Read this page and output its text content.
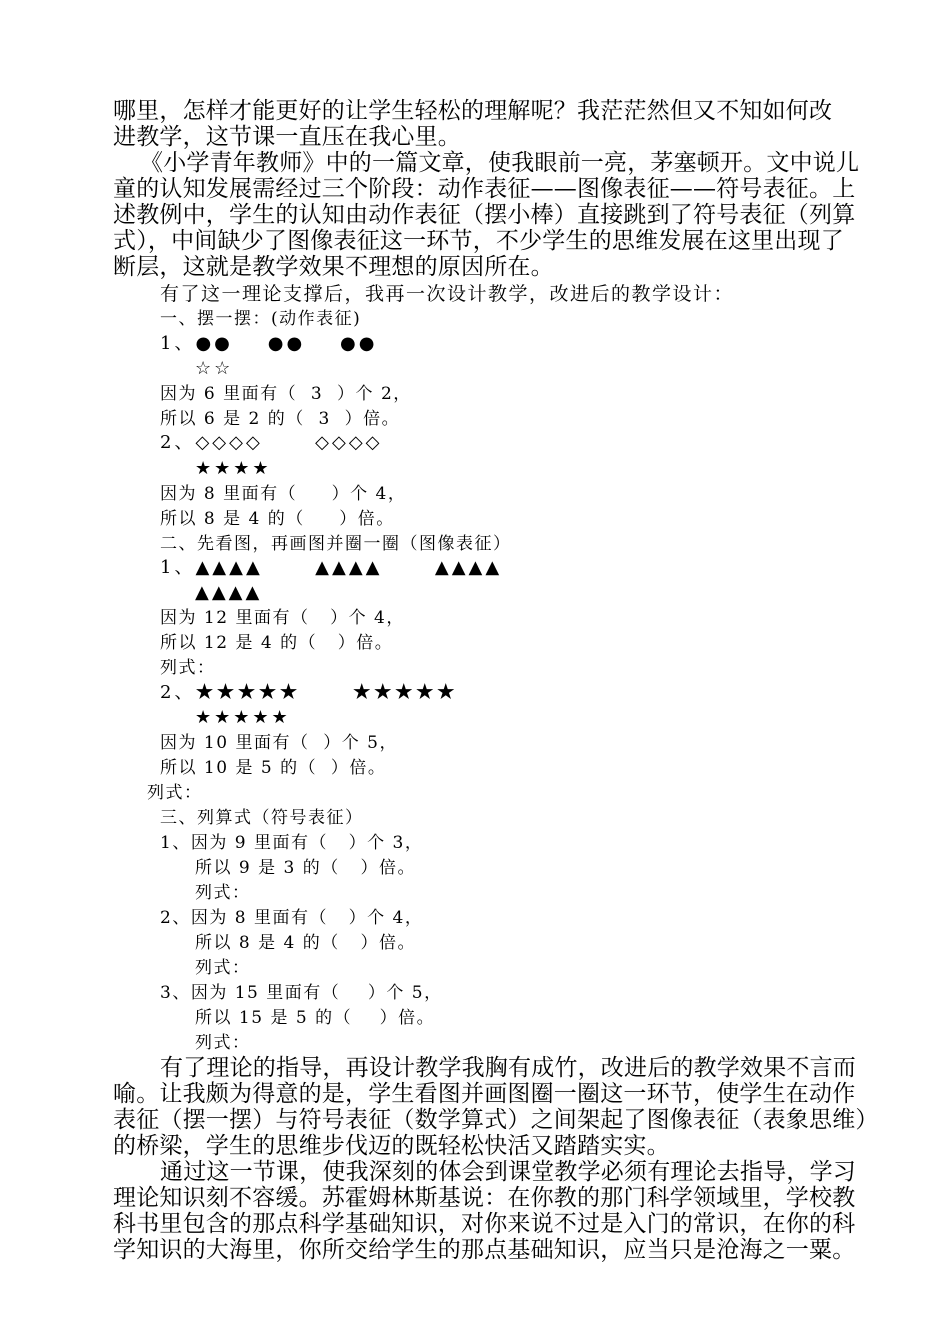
哪里，怎样才能更好的让学生轻松的理解呢？我茫茫然但又不知如何改
进教学，这节课一直压在我心里。
《小学青年教师》中的一篇文章，使我眼前一亮，茅塞顿开。文中说儿
童的认知发展需经过三个阶段：动作表征——图像表征——符号表征。上
述教例中，学生的认知由动作表征（摆小棒）直接跳到了符号表征（列算
式），中间缺少了图像表征这一环节，不少学生的思维发展在这里出现了
断层，这就是教学效果不理想的原因所在。
有了这一理论支撑后，我再一次设计教学，改进后的教学设计：
一、摆一摆：(动作表征)
1、●●    ●●    ●●
☆☆
因为 6 里面有（  3  ）个 2，
所以 6 是 2 的（  3  ）倍。
2、◇◇◇◇      ◇◇◇◇
★★★★
因为 8 里面有（     ）个 4，
所以 8 是 4 的（     ）倍。
二、先看图，再画图并圈一圈（图像表征）
1、▲▲▲▲      ▲▲▲▲      ▲▲▲▲
▲▲▲▲
因为 12 里面有（   ）个 4，
所以 12 是 4 的（   ）倍。
列式：
2、★★★★★      ★★★★★
★★★★★
因为 10 里面有（  ）个 5，
所以 10 是 5 的（  ）倍。
列式：
三、列算式（符号表征）
1、因为 9 里面有（   ）个 3，
所以 9 是 3 的（   ）倍。
列式：
2、因为 8 里面有（   ）个 4，
所以 8 是 4 的（   ）倍。
列式：
3、因为 15 里面有（    ）个 5，
所以 15 是 5 的（    ）倍。
列式：
有了理论的指导，再设计教学我胸有成竹，改进后的教学效果不言而
喻。让我颇为得意的是，学生看图并画图圈一圈这一环节，使学生在动作
表征（摆一摆）与符号表征（数学算式）之间架起了图像表征（表象思维）
的桥梁，学生的思维步伐迈的既轻松快活又踏踏实实。
通过这一节课，使我深刻的体会到课堂教学必须有理论去指导，学习
理论知识刻不容缓。苏霍姆林斯基说：在你教的那门科学领域里，学校教
科书里包含的那点科学基础知识，对你来说不过是入门的常识，在你的科
学知识的大海里，你所交给学生的那点基础知识，应当只是沧海之一粟。
